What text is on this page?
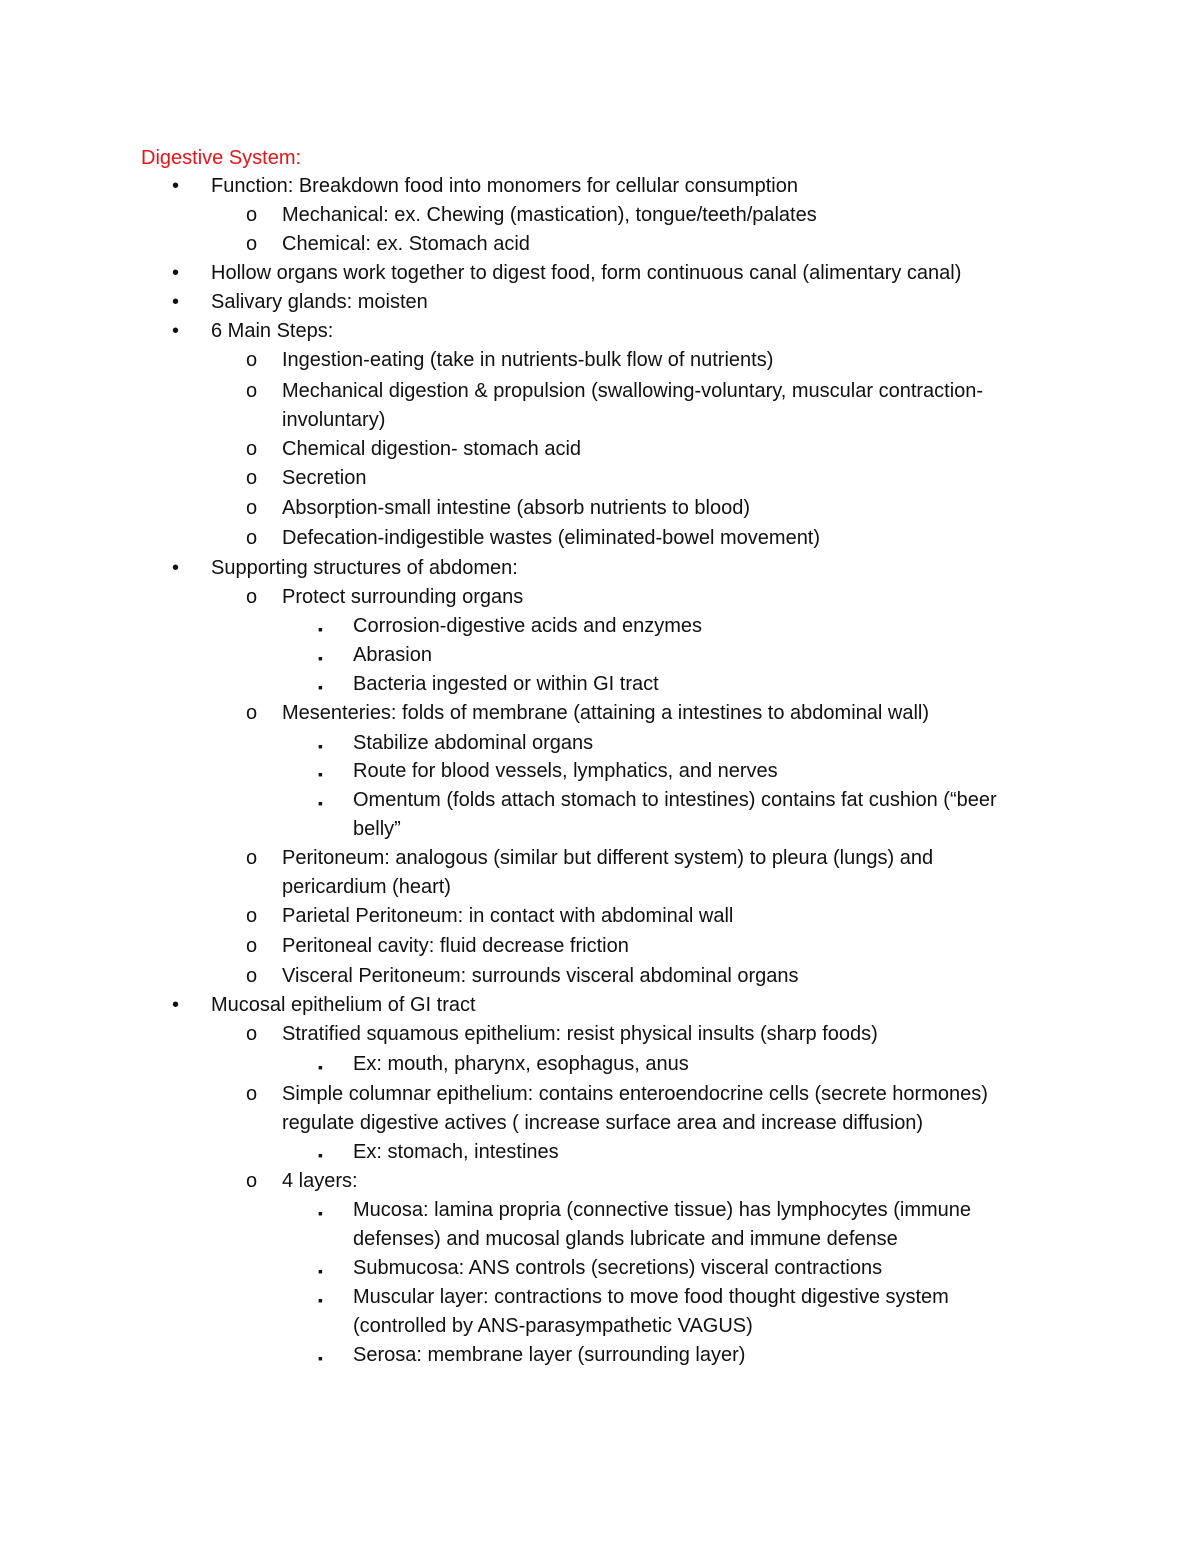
Digestive System:
• Function: Breakdown food into monomers for cellular consumption
o Mechanical: ex. Chewing (mastication), tongue/teeth/palates
o Chemical: ex. Stomach acid
• Hollow organs work together to digest food, form continuous canal (alimentary canal)
• Salivary glands: moisten
• 6 Main Steps:
o Ingestion-eating (take in nutrients-bulk flow of nutrients)
o Mechanical digestion & propulsion (swallowing-voluntary, muscular contraction-
involuntary)
o Chemical digestion- stomach acid
o Secretion
o Absorption-small intestine (absorb nutrients to blood)
o Defecation-indigestible wastes (eliminated-bowel movement)
• Supporting structures of abdomen:
o Protect surrounding organs
▪ Corrosion-digestive acids and enzymes
▪ Abrasion
▪ Bacteria ingested or within GI tract
o Mesenteries: folds of membrane (attaining a intestines to abdominal wall)
▪ Stabilize abdominal organs
▪ Route for blood vessels, lymphatics, and nerves
▪ Omentum (folds attach stomach to intestines) contains fat cushion (“beer
belly”
o Peritoneum: analogous (similar but different system) to pleura (lungs) and
pericardium (heart)
o Parietal Peritoneum: in contact with abdominal wall
o Peritoneal cavity: fluid decrease friction
o Visceral Peritoneum: surrounds visceral abdominal organs
• Mucosal epithelium of GI tract
o Stratified squamous epithelium: resist physical insults (sharp foods)
▪ Ex: mouth, pharynx, esophagus, anus
o Simple columnar epithelium: contains enteroendocrine cells (secrete hormones)
regulate digestive actives ( increase surface area and increase diffusion)
▪ Ex: stomach, intestines
o 4 layers:
▪ Mucosa: lamina propria (connective tissue) has lymphocytes (immune
defenses) and mucosal glands lubricate and immune defense
▪ Submucosa: ANS controls (secretions) visceral contractions
▪ Muscular layer: contractions to move food thought digestive system
(controlled by ANS-parasympathetic VAGUS)
▪ Serosa: membrane layer (surrounding layer)
